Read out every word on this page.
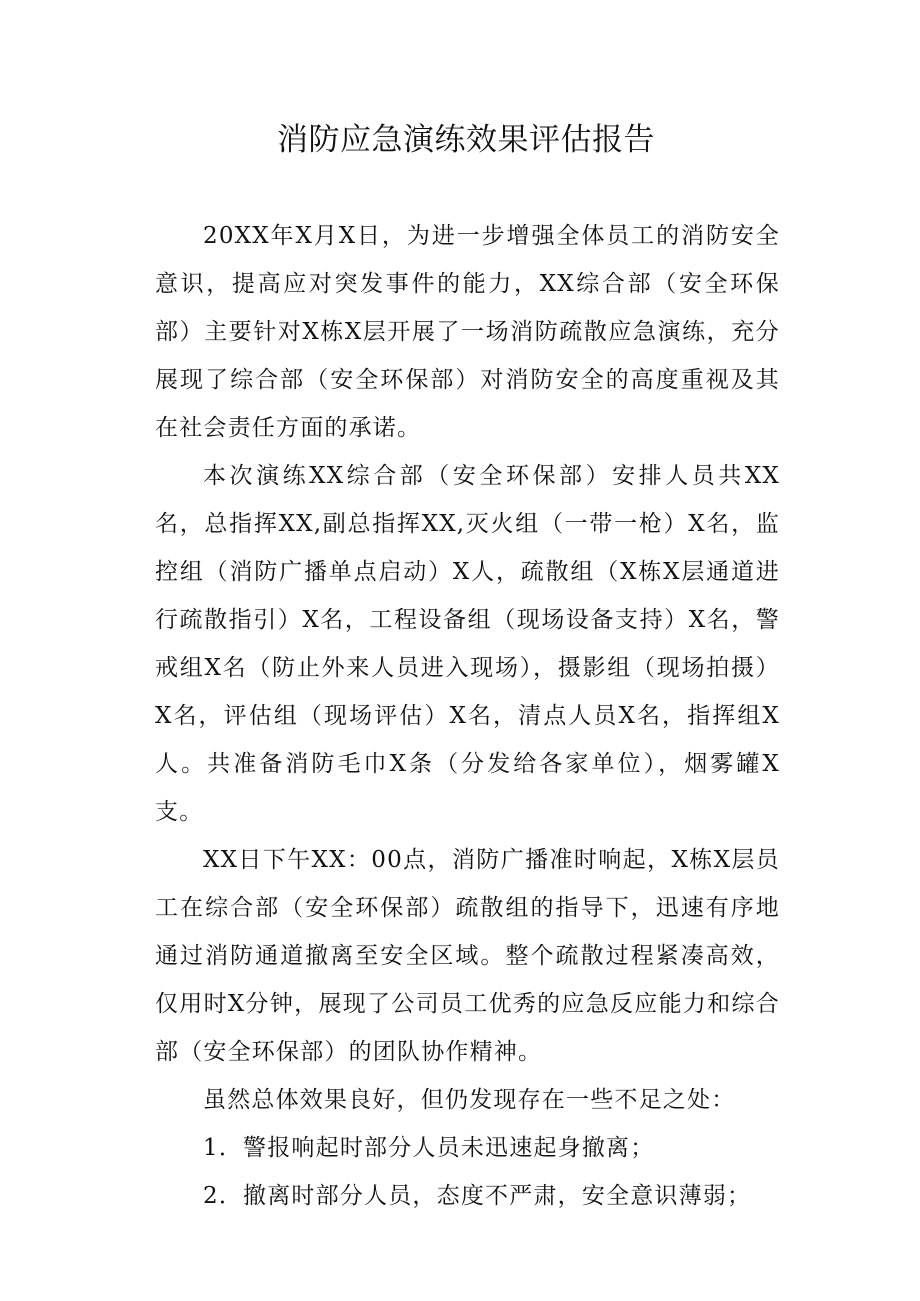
消防应急演练效果评估报告

20XX年X月X日，为进一步增强全体员工的消防安全意识，提高应对突发事件的能力，XX综合部（安全环保部）主要针对X栋X层开展了一场消防疏散应急演练，充分展现了综合部（安全环保部）对消防安全的高度重视及其在社会责任方面的承诺。

本次演练XX综合部（安全环保部）安排人员共XX名，总指挥XX,副总指挥XX,灭火组（一带一枪）X名，监控组（消防广播单点启动）X人，疏散组（X栋X层通道进行疏散指引）X名，工程设备组（现场设备支持）X名，警戒组X名（防止外来人员进入现场），摄影组（现场拍摄）X名，评估组（现场评估）X名，清点人员X名，指挥组X人。共准备消防毛巾X条（分发给各家单位），烟雾罐X支。

XX日下午XX：00点，消防广播准时响起，X栋X层员工在综合部（安全环保部）疏散组的指导下，迅速有序地通过消防通道撤离至安全区域。整个疏散过程紧凑高效，仅用时X分钟，展现了公司员工优秀的应急反应能力和综合部（安全环保部）的团队协作精神。

虽然总体效果良好，但仍发现存在一些不足之处：

1．警报响起时部分人员未迅速起身撤离；

2．撤离时部分人员，态度不严肃，安全意识薄弱；
